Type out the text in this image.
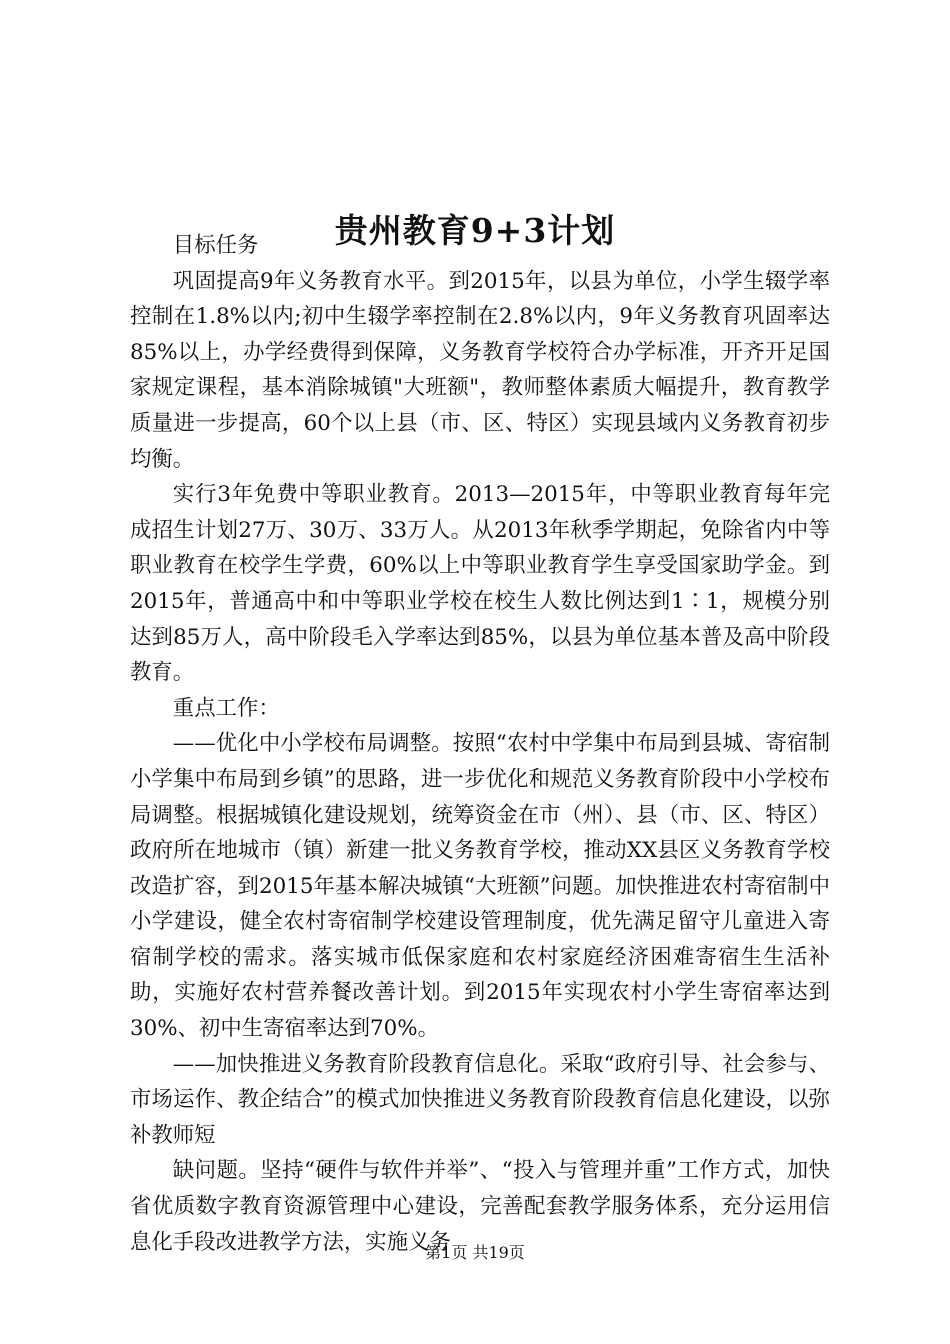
贵州教育9+3计划

目标任务

巩固提高9年义务教育水平。到2015年，以县为单位，小学生辍学率控制在1.8%以内;初中生辍学率控制在2.8%以内，9年义务教育巩固率达85%以上，办学经费得到保障，义务教育学校符合办学标准，开齐开足国家规定课程，基本消除城镇"大班额"，教师整体素质大幅提升，教育教学质量进一步提高，60个以上县（市、区、特区）实现县域内义务教育初步均衡。

实行3年免费中等职业教育。2013—2015年，中等职业教育每年完成招生计划27万、30万、33万人。从2013年秋季学期起，免除省内中等职业教育在校学生学费，60%以上中等职业教育学生享受国家助学金。到2015年，普通高中和中等职业学校在校生人数比例达到1∶1，规模分别达到85万人，高中阶段毛入学率达到85%，以县为单位基本普及高中阶段教育。

重点工作：

——优化中小学校布局调整。按照“农村中学集中布局到县城、寄宿制小学集中布局到乡镇”的思路，进一步优化和规范义务教育阶段中小学校布局调整。根据城镇化建设规划，统筹资金在市（州）、县（市、区、特区）政府所在地城市（镇）新建一批义务教育学校，推动XX县区义务教育学校改造扩容，到2015年基本解决城镇“大班额”问题。加快推进农村寄宿制中小学建设，健全农村寄宿制学校建设管理制度，优先满足留守儿童进入寄宿制学校的需求。落实城市低保家庭和农村家庭经济困难寄宿生生活补助，实施好农村营养餐改善计划。到2015年实现农村小学生寄宿率达到30%、初中生寄宿率达到70%。

——加快推进义务教育阶段教育信息化。采取“政府引导、社会参与、市场运作、教企结合”的模式加快推进义务教育阶段教育信息化建设，以弥补教师短

缺问题。坚持“硬件与软件并举”、“投入与管理并重”工作方式，加快省优质数字教育资源管理中心建设，完善配套教学服务体系，充分运用信息化手段改进教学方法，实施义务

第1页 共19页
